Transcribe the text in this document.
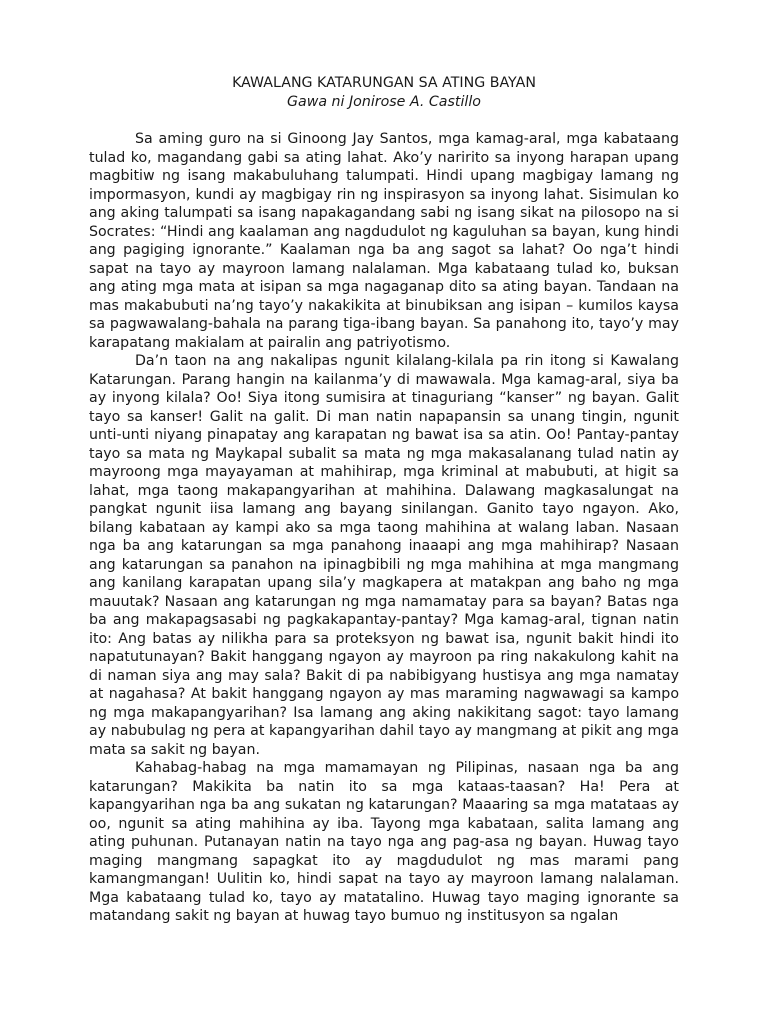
KAWALANG KATARUNGAN SA ATING BAYAN

Gawa ni Jonirose A. Castillo

Sa aming guro na si Ginoong Jay Santos, mga kamag-aral, mga kabataang tulad ko, magandang gabi sa ating lahat. Ako’y naririto sa inyong harapan upang magbitiw ng isang makabuluhang talumpati. Hindi upang magbigay lamang ng impormasyon, kundi ay magbigay rin ng inspirasyon sa inyong lahat. Sisimulan ko ang aking talumpati sa isang napakagandang sabi ng isang sikat na pilosopo na si Socrates: “Hindi ang kaalaman ang nagdudulot ng kaguluhan sa bayan, kung hindi ang pagiging ignorante.” Kaalaman nga ba ang sagot sa lahat? Oo nga’t hindi sapat na tayo ay mayroon lamang nalalaman. Mga kabataang tulad ko, buksan ang ating mga mata at isipan sa mga nagaganap dito sa ating bayan. Tandaan na mas makabubuti na’ng tayo’y nakakikita at binubiksan ang isipan – kumilos kaysa sa pagwawalang-bahala na parang tiga-ibang bayan. Sa panahong ito, tayo’y may karapatang makialam at pairalin ang patriyotismo.

Da’n taon na ang nakalipas ngunit kilalang-kilala pa rin itong si Kawalang Katarungan. Parang hangin na kailanma’y di mawawala. Mga kamag-aral, siya ba ay inyong kilala? Oo! Siya itong sumisira at tinaguriang “kanser” ng bayan. Galit tayo sa kanser! Galit na galit. Di man natin napapansin sa unang tingin, ngunit unti-unti niyang pinapatay ang karapatan ng bawat isa sa atin. Oo! Pantay-pantay tayo sa mata ng Maykapal subalit sa mata ng mga makasalanang tulad natin ay mayroong mga mayayaman at mahihirap, mga kriminal at mabubuti, at higit sa lahat, mga taong makapangyarihan at mahihina. Dalawang magkasalungat na pangkat ngunit iisa lamang ang bayang sinilangan. Ganito tayo ngayon. Ako, bilang kabataan ay kampi ako sa mga taong mahihina at walang laban. Nasaan nga ba ang katarungan sa mga panahong inaaapi ang mga mahihirap? Nasaan ang katarungan sa panahon na ipinagbibili ng mga mahihina at mga mangmang ang kanilang karapatan upang sila’y magkapera at matakpan ang baho ng mga mauutak? Nasaan ang katarungan ng mga namamatay para sa bayan? Batas nga ba ang makapagsasabi ng pagkakapantay-pantay? Mga kamag-aral, tignan natin ito: Ang batas ay nilikha para sa proteksyon ng bawat isa, ngunit bakit hindi ito napatutunayan? Bakit hanggang ngayon ay mayroon pa ring nakakulong kahit na di naman siya ang may sala? Bakit di pa nabibigyang hustisya ang mga namatay at nagahasa? At bakit hanggang ngayon ay mas maraming nagwawagi sa kampo ng mga makapangyarihan? Isa lamang ang aking nakikitang sagot: tayo lamang ay nabubulag ng pera at kapangyarihan dahil tayo ay mangmang at pikit ang mga mata sa sakit ng bayan.

Kahabag-habag na mga mamamayan ng Pilipinas, nasaan nga ba ang katarungan? Makikita ba natin ito sa mga kataas-taasan? Ha! Pera at kapangyarihan nga ba ang sukatan ng katarungan? Maaaring sa mga matataas ay oo, ngunit sa ating mahihina ay iba. Tayong mga kabataan, salita lamang ang ating puhunan. Putanayan natin na tayo nga ang pag-asa ng bayan. Huwag tayo maging mangmang sapagkat ito ay magdudulot ng mas marami pang kamangmangan! Uulitin ko, hindi sapat na tayo ay mayroon lamang nalalaman. Mga kabataang tulad ko, tayo ay matatalino. Huwag tayo maging ignorante sa matandang sakit ng bayan at huwag tayo bumuo ng institusyon sa ngalan
